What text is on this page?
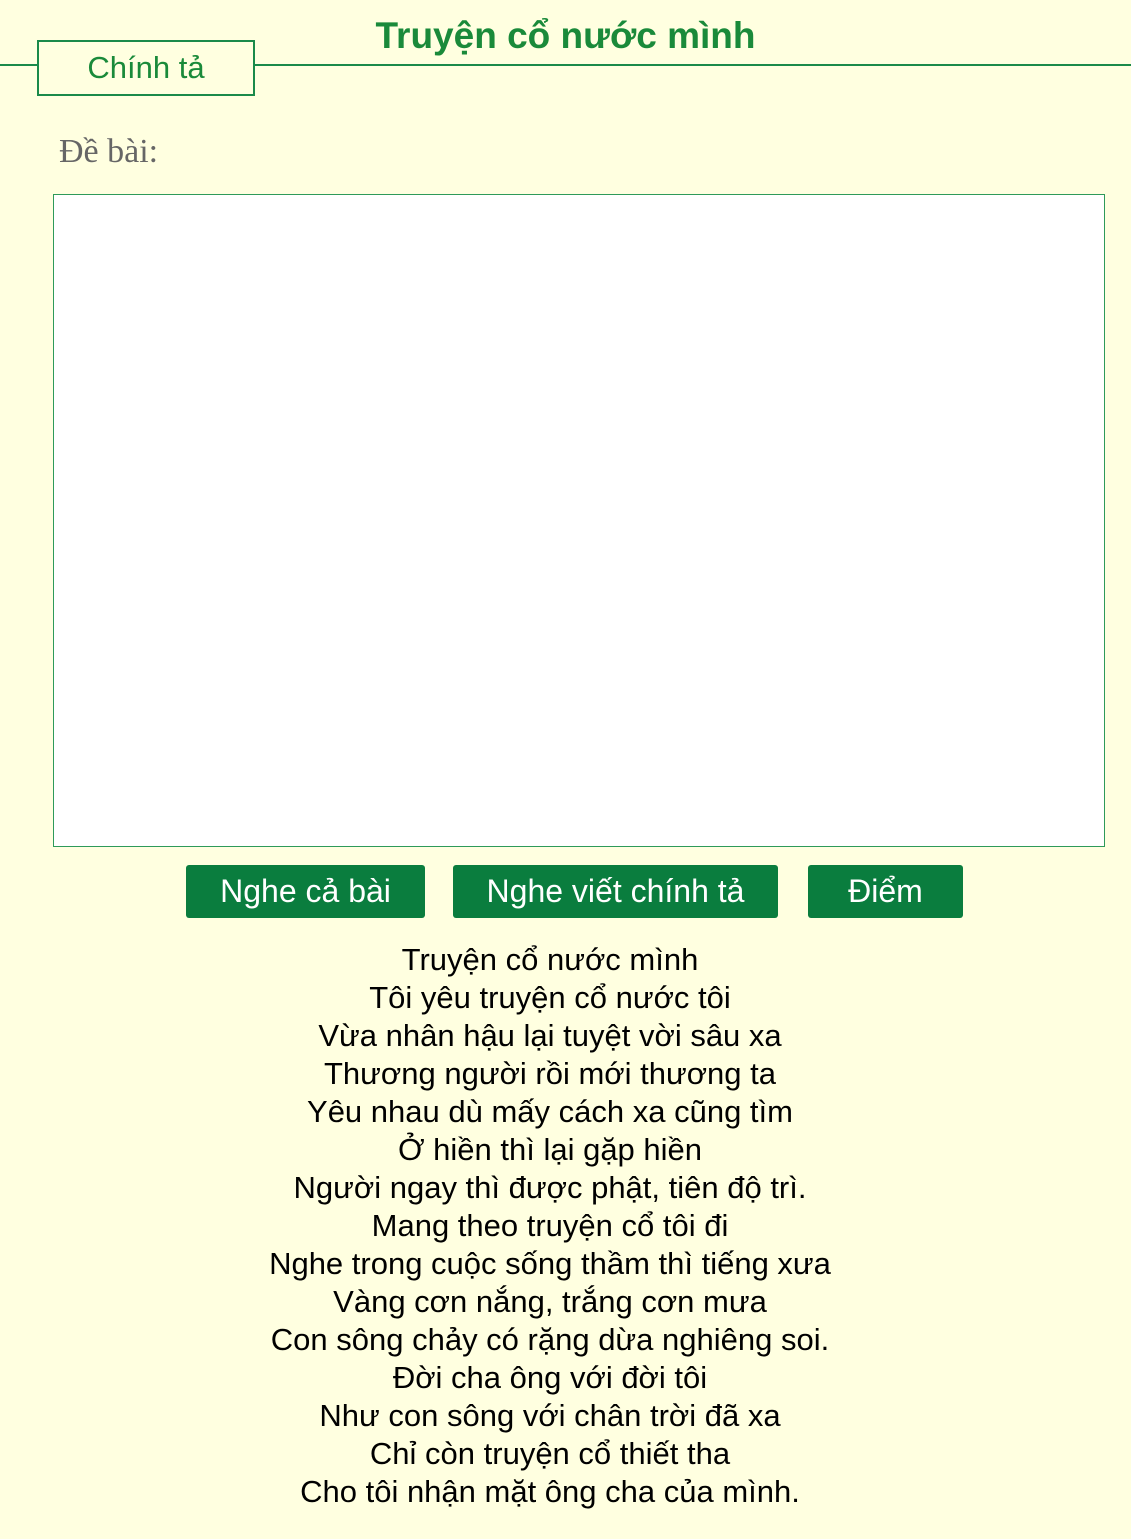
Truyện cổ nước mình
Chính tả
Đề bài:
Nghe cả bài	Nghe viết chính tả	Điểm
Truyện cổ nước mình
Tôi yêu truyện cổ nước tôi
Vừa nhân hậu lại tuyệt vời sâu xa
Thương người rồi mới thương ta
Yêu nhau dù mấy cách xa cũng tìm
Ở hiền thì lại gặp hiền
Người ngay thì được phật, tiên độ trì.
Mang theo truyện cổ tôi đi
Nghe trong cuộc sống thầm thì tiếng xưa
Vàng cơn nắng, trắng cơn mưa
Con sông chảy có rặng dừa nghiêng soi.
Đời cha ông với đời tôi
Như con sông với chân trời đã xa
Chỉ còn truyện cổ thiết tha
Cho tôi nhận mặt ông cha của mình.
